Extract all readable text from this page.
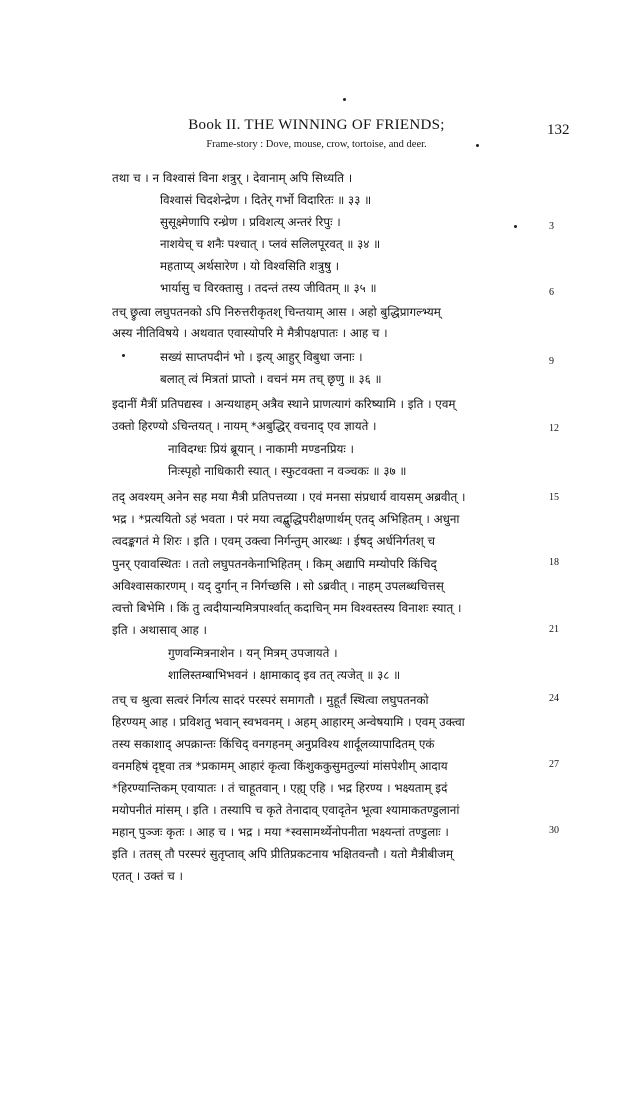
Book II. THE WINNING OF FRIENDS;	132
Frame-story : Dove, mouse, crow, tortoise, and deer.
तथा च । न विश्वासं विना शत्रुर् । देवानाम् अपि सिध्यति ।
विश्वासं चिदशेन्द्रेण । दितेर् गर्भो विदारितः ॥ ३३ ॥
सुसूक्ष्मेणापि रन्ध्रेण । प्रविशत्य् अन्तरं रिपुः ।
नाशयेच् च शनैः पश्चात् । प्लवं सलिलपूरवत् ॥ ३४ ॥
महताप्य् अर्थसारेण । यो विश्वसिति शत्रुषु ।
भार्यासु च विरक्तासु । तदन्तं तस्य जीवितम् ॥ ३५ ॥
तच् छ्रुत्वा लघुपतनको ऽपि निरुत्तरीकृतश् चिन्तयाम् आस । अहो बुद्धिप्रागल्भ्यम्
अस्य नीतिविषये । अथवात एवास्योपरि मे मैत्रीपक्षपातः । आह च ।
सख्यं साप्तपदीनं भो । इत्य् आहुर् विबुधा जनाः ।
बलात् त्वं मित्रतां प्राप्तो । वचनं मम तच् छृणु ॥ ३६ ॥
इदानीं मैत्रीं प्रतिपद्यस्व । अन्यथाहम् अत्रैव स्थाने प्राणत्यागं करिष्यामि । इति । एवम्
उक्तो हिरण्यो ऽचिन्तयत् । नायम् *अबुद्धिर् वचनाद् एव ज्ञायते ।
नाविदग्धः प्रियं ब्रूयान् । नाकामी मण्डनप्रियः ।
निःस्पृहो नाधिकारी स्यात् । स्फुटवक्ता न वञ्चकः ॥ ३७ ॥
तद् अवश्यम् अनेन सह मया मैत्री प्रतिपत्तव्या । एवं मनसा संप्रधार्य वायसम् अब्रवीत् ।
भद्र । *प्रत्ययितो ऽहं भवता । परं मया त्वद्बुद्धिपरीक्षणार्थम् एतद् अभिहितम् । अधुना
त्वदङ्कगतं मे शिरः । इति । एवम् उक्त्वा निर्गन्तुम् आरब्धः । ईषद् अर्धनिर्गतश् च
पुनर् एवावस्थितः । ततो लघुपतनकेनाभिहितम् । किम् अद्यापि मम्योपरि किंचिद्
अविश्वासकारणम् । यद् दुर्गान् न निर्गच्छसि । सो ऽब्रवीत् । नाहम् उपलब्धचित्तस्
त्वत्तो बिभेमि । किं तु त्वदीयान्यमित्रपार्श्वात् कदाचिन् मम विश्वस्तस्य विनाशः स्यात् ।
इति । अथासाव् आह ।
गुणवन्मित्रनाशेन । यन् मित्रम् उपजायते ।
शालिस्तम्बाभिभवनं । क्षामाकाद् इव तत् त्यजेत् ॥ ३८ ॥
तच् च श्रुत्वा सत्वरं निर्गत्य सादरं परस्परं समागतौ । मुहूर्तं स्थित्वा लघुपतनको
हिरण्यम् आह । प्रविशतु भवान् स्वभवनम् । अहम् आहारम् अन्वेषयामि । एवम् उक्त्वा
तस्य सकाशाद् अपक्रान्तः किंचिद् वनगहनम् अनुप्रविश्य शार्दूलव्यापादितम् एकं
वनमहिषं दृष्ट्वा तत्र *प्रकामम् आहारं कृत्वा किंशुककुसुमतुल्यां मांसपेशीम् आदाय
*हिरण्यान्तिकम् एवायातः । तं चाहूतवान् । एह्य् एहि । भद्र हिरण्य । भक्ष्यताम् इदं
मयोपनीतं मांसम् । इति । तस्यापि च कृते तेनादाव् एवादृतेन भूत्वा श्यामाकतण्डुलानां
महान् पुञ्जः कृतः । आह च । भद्र । मया *स्वसामर्थ्येनोपनीता भक्ष्यन्तां तण्डुलाः ।
इति । ततस् तौ परस्परं सुतृप्ताव् अपि प्रीतिप्रकटनाय भक्षितवन्तौ । यतो मैत्रीबीजम्
एतत् । उक्तं च ।
3
6
9
12
15
18
21
24
27
30
